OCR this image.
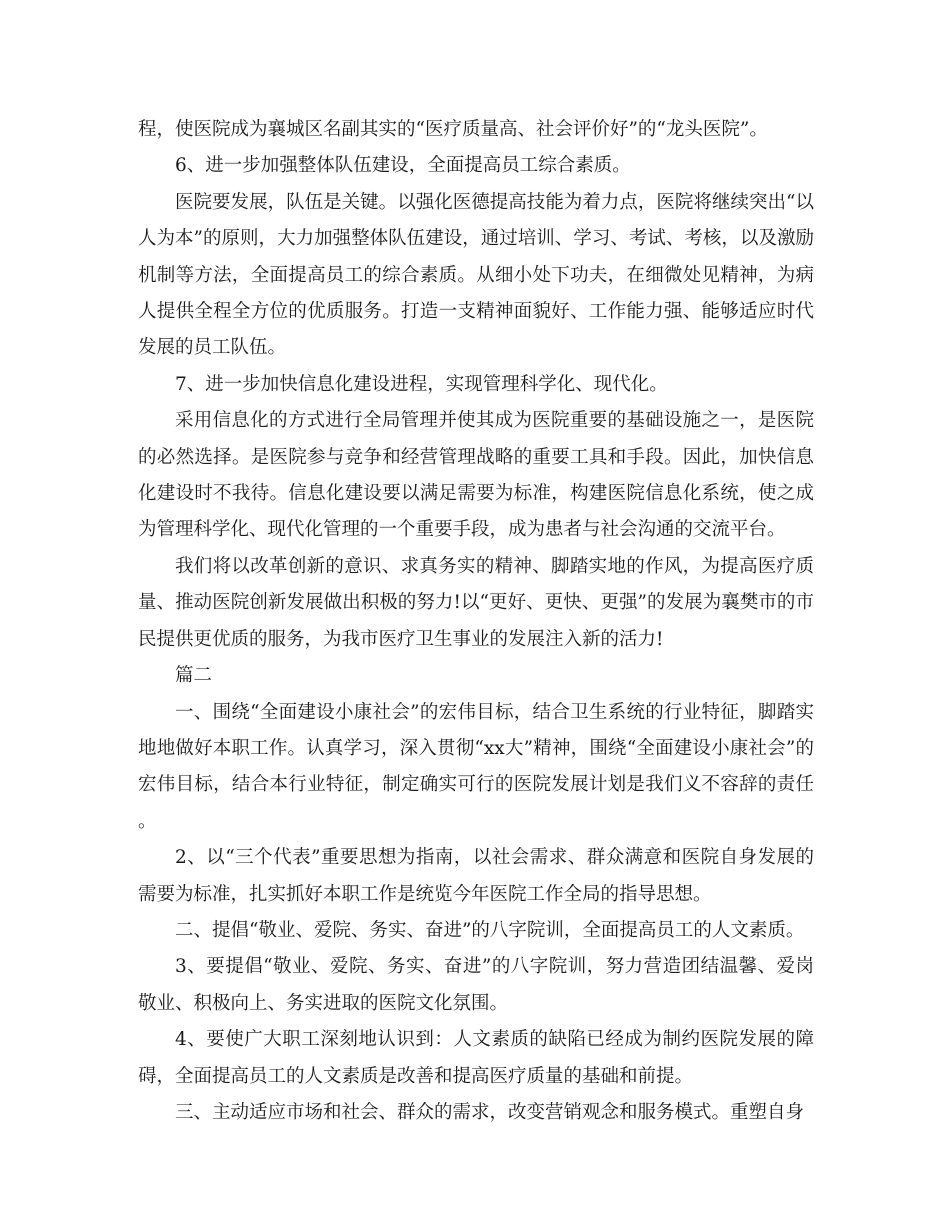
程，使医院成为襄城区名副其实的“医疗质量高、社会评价好”的“龙头医院”。

6、进一步加强整体队伍建设，全面提高员工综合素质。

医院要发展，队伍是关键。以强化医德提高技能为着力点，医院将继续突出“以人为本”的原则，大力加强整体队伍建设，通过培训、学习、考试、考核，以及激励机制等方法，全面提高员工的综合素质。从细小处下功夫，在细微处见精神，为病人提供全程全方位的优质服务。打造一支精神面貌好、工作能力强、能够适应时代发展的员工队伍。

7、进一步加快信息化建设进程，实现管理科学化、现代化。

采用信息化的方式进行全局管理并使其成为医院重要的基础设施之一，是医院的必然选择。是医院参与竞争和经营管理战略的重要工具和手段。因此，加快信息化建设时不我待。信息化建设要以满足需要为标准，构建医院信息化系统，使之成为管理科学化、现代化管理的一个重要手段，成为患者与社会沟通的交流平台。

我们将以改革创新的意识、求真务实的精神、脚踏实地的作风，为提高医疗质量、推动医院创新发展做出积极的努力!以“更好、更快、更强”的发展为襄樊市的市民提供更优质的服务，为我市医疗卫生事业的发展注入新的活力!

篇二

一、围绕“全面建设小康社会”的宏伟目标，结合卫生系统的行业特征，脚踏实地地做好本职工作。认真学习，深入贯彻“xx大”精神，围绕“全面建设小康社会”的宏伟目标，结合本行业特征，制定确实可行的医院发展计划是我们义不容辞的责任。

2、以“三个代表”重要思想为指南，以社会需求、群众满意和医院自身发展的需要为标准，扎实抓好本职工作是统览今年医院工作全局的指导思想。

二、提倡“敬业、爱院、务实、奋进”的八字院训，全面提高员工的人文素质。

3、要提倡“敬业、爱院、务实、奋进”的八字院训，努力营造团结温馨、爱岗敬业、积极向上、务实进取的医院文化氛围。

4、要使广大职工深刻地认识到：人文素质的缺陷已经成为制约医院发展的障碍，全面提高员工的人文素质是改善和提高医疗质量的基础和前提。

三、主动适应市场和社会、群众的需求，改变营销观念和服务模式。重塑自身
